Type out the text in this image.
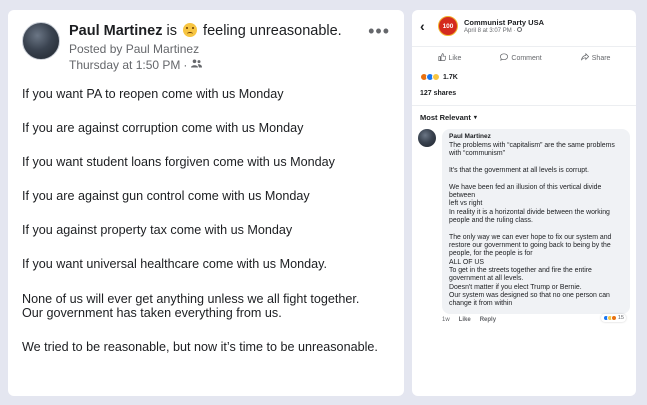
Paul Martinez is feeling unreasonable.
Posted by Paul Martinez
Thursday at 1:50 PM ·
•••
If you want PA to reopen come with us Monday
If you are against corruption come with us Monday
If you want student loans forgiven come with us Monday
If you are against gun control come with us Monday
If you against property tax come with us Monday
If you want universal healthcare come with us Monday.
None of us will ever get anything unless we all fight together.
Our government has taken everything from us.
We tried to be reasonable, but now it’s time to be unreasonable.
‹	100	Communist Party USA
April 8 at 3:07 PM ·
Like	Comment	Share
1.7K
127 shares
Most Relevant ▾
Paul Martinez
The problems with “capitalism” are the same problems with “communism”
It's that the government at all levels is corrupt.
We have been fed an illusion of this vertical divide between
left vs right
In reality it is a horizontal divide between the working people and the ruling class.
The only way we can ever hope to fix our system and restore our government to going back to being by the people, for the people is for
ALL OF US
To get in the streets together and fire the entire government at all levels.
Doesn't matter if you elect Trump or Bernie.
Our system was designed so that no one person can change it from within
1w Like Reply	15
